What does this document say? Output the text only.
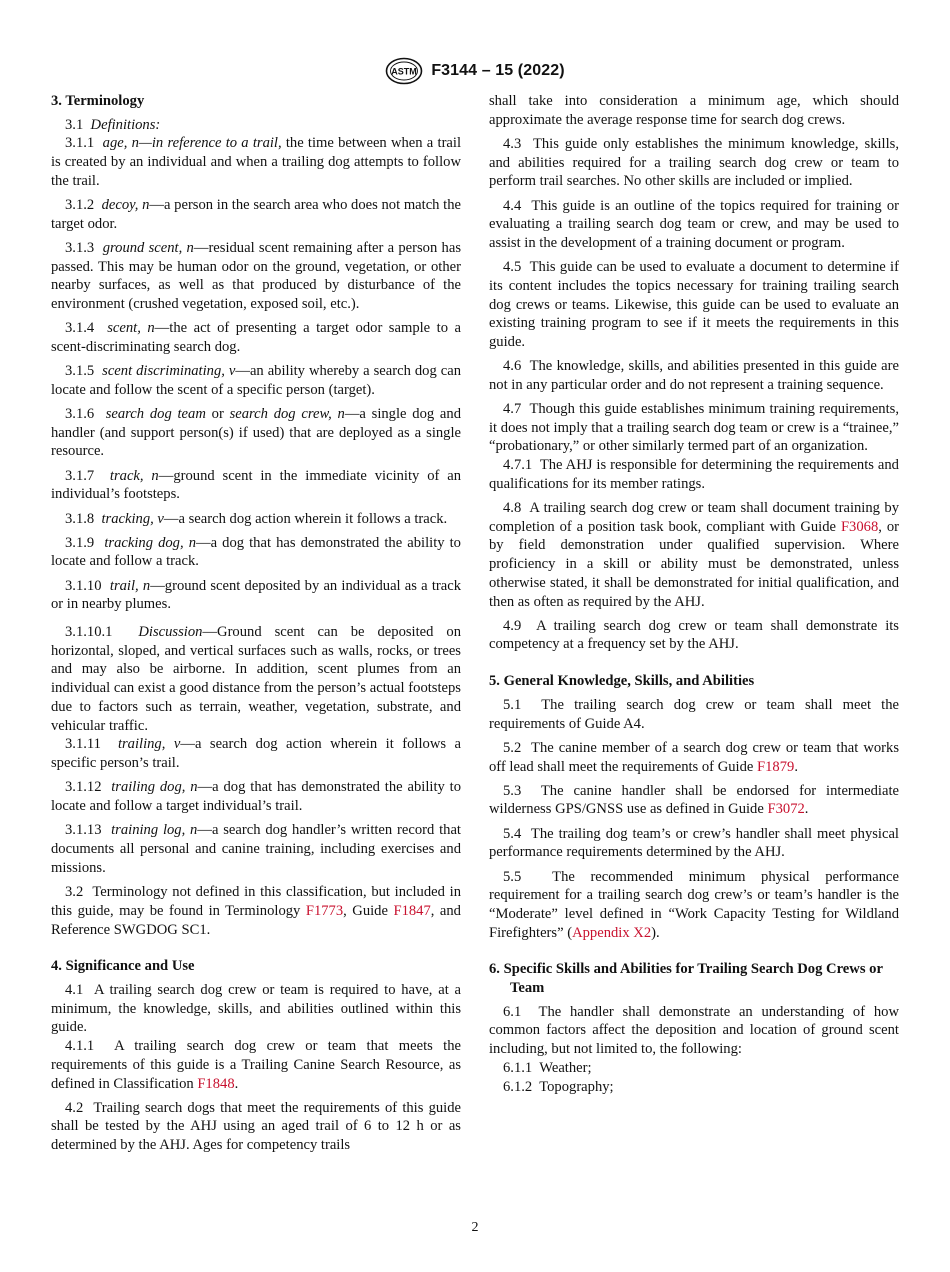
ASTM F3144 – 15 (2022)
3. Terminology

3.1 Definitions:

3.1.1 age, n—in reference to a trail, the time between when a trail is created by an individual and when a trailing dog attempts to follow the trail.

3.1.2 decoy, n—a person in the search area who does not match the target odor.

3.1.3 ground scent, n—residual scent remaining after a person has passed. This may be human odor on the ground, vegetation, or other nearby surfaces, as well as that produced by disturbance of the environment (crushed vegetation, exposed soil, etc.).

3.1.4 scent, n—the act of presenting a target odor sample to a scent-discriminating search dog.

3.1.5 scent discriminating, v—an ability whereby a search dog can locate and follow the scent of a specific person (target).

3.1.6 search dog team or search dog crew, n—a single dog and handler (and support person(s) if used) that are deployed as a single resource.

3.1.7 track, n—ground scent in the immediate vicinity of an individual’s footsteps.

3.1.8 tracking, v—a search dog action wherein it follows a track.

3.1.9 tracking dog, n—a dog that has demonstrated the ability to locate and follow a track.

3.1.10 trail, n—ground scent deposited by an individual as a track or in nearby plumes.

3.1.10.1 Discussion—Ground scent can be deposited on horizontal, sloped, and vertical surfaces such as walls, rocks, or trees and may also be airborne. In addition, scent plumes from an individual can exist a good distance from the person’s actual footsteps due to factors such as terrain, weather, vegetation, substrate, and vehicular traffic.

3.1.11 trailing, v—a search dog action wherein it follows a specific person’s trail.

3.1.12 trailing dog, n—a dog that has demonstrated the ability to locate and follow a target individual’s trail.

3.1.13 training log, n—a search dog handler’s written record that documents all personal and canine training, including exercises and missions.

3.2 Terminology not defined in this classification, but included in this guide, may be found in Terminology F1773, Guide F1847, and Reference SWGDOG SC1.

4. Significance and Use

4.1 A trailing search dog crew or team is required to have, at a minimum, the knowledge, skills, and abilities outlined within this guide.

4.1.1 A trailing search dog crew or team that meets the requirements of this guide is a Trailing Canine Search Resource, as defined in Classification F1848.

4.2 Trailing search dogs that meet the requirements of this guide shall be tested by the AHJ using an aged trail of 6 to 12 h or as determined by the AHJ. Ages for competency trails

shall take into consideration a minimum age, which should approximate the average response time for search dog crews.

4.3 This guide only establishes the minimum knowledge, skills, and abilities required for a trailing search dog crew or team to perform trail searches. No other skills are included or implied.

4.4 This guide is an outline of the topics required for training or evaluating a trailing search dog team or crew, and may be used to assist in the development of a training document or program.

4.5 This guide can be used to evaluate a document to determine if its content includes the topics necessary for training trailing search dog crews or teams. Likewise, this guide can be used to evaluate an existing training program to see if it meets the requirements in this guide.

4.6 The knowledge, skills, and abilities presented in this guide are not in any particular order and do not represent a training sequence.

4.7 Though this guide establishes minimum training requirements, it does not imply that a trailing search dog team or crew is a “trainee,” “probationary,” or other similarly termed part of an organization.

4.7.1 The AHJ is responsible for determining the requirements and qualifications for its member ratings.

4.8 A trailing search dog crew or team shall document training by completion of a position task book, compliant with Guide F3068, or by field demonstration under qualified supervision. Where proficiency in a skill or ability must be demonstrated, unless otherwise stated, it shall be demonstrated for initial qualification, and then as often as required by the AHJ.

4.9 A trailing search dog crew or team shall demonstrate its competency at a frequency set by the AHJ.

5. General Knowledge, Skills, and Abilities

5.1 The trailing search dog crew or team shall meet the requirements of Guide A4.

5.2 The canine member of a search dog crew or team that works off lead shall meet the requirements of Guide F1879.

5.3 The canine handler shall be endorsed for intermediate wilderness GPS/GNSS use as defined in Guide F3072.

5.4 The trailing dog team’s or crew’s handler shall meet physical performance requirements determined by the AHJ.

5.5 The recommended minimum physical performance requirement for a trailing search dog crew’s or team’s handler is the “Moderate” level defined in “Work Capacity Testing for Wildland Firefighters” (Appendix X2).

6. Specific Skills and Abilities for Trailing Search Dog Crews or Team

6.1 The handler shall demonstrate an understanding of how common factors affect the deposition and location of ground scent including, but not limited to, the following:

6.1.1 Weather;

6.1.2 Topography;

2
